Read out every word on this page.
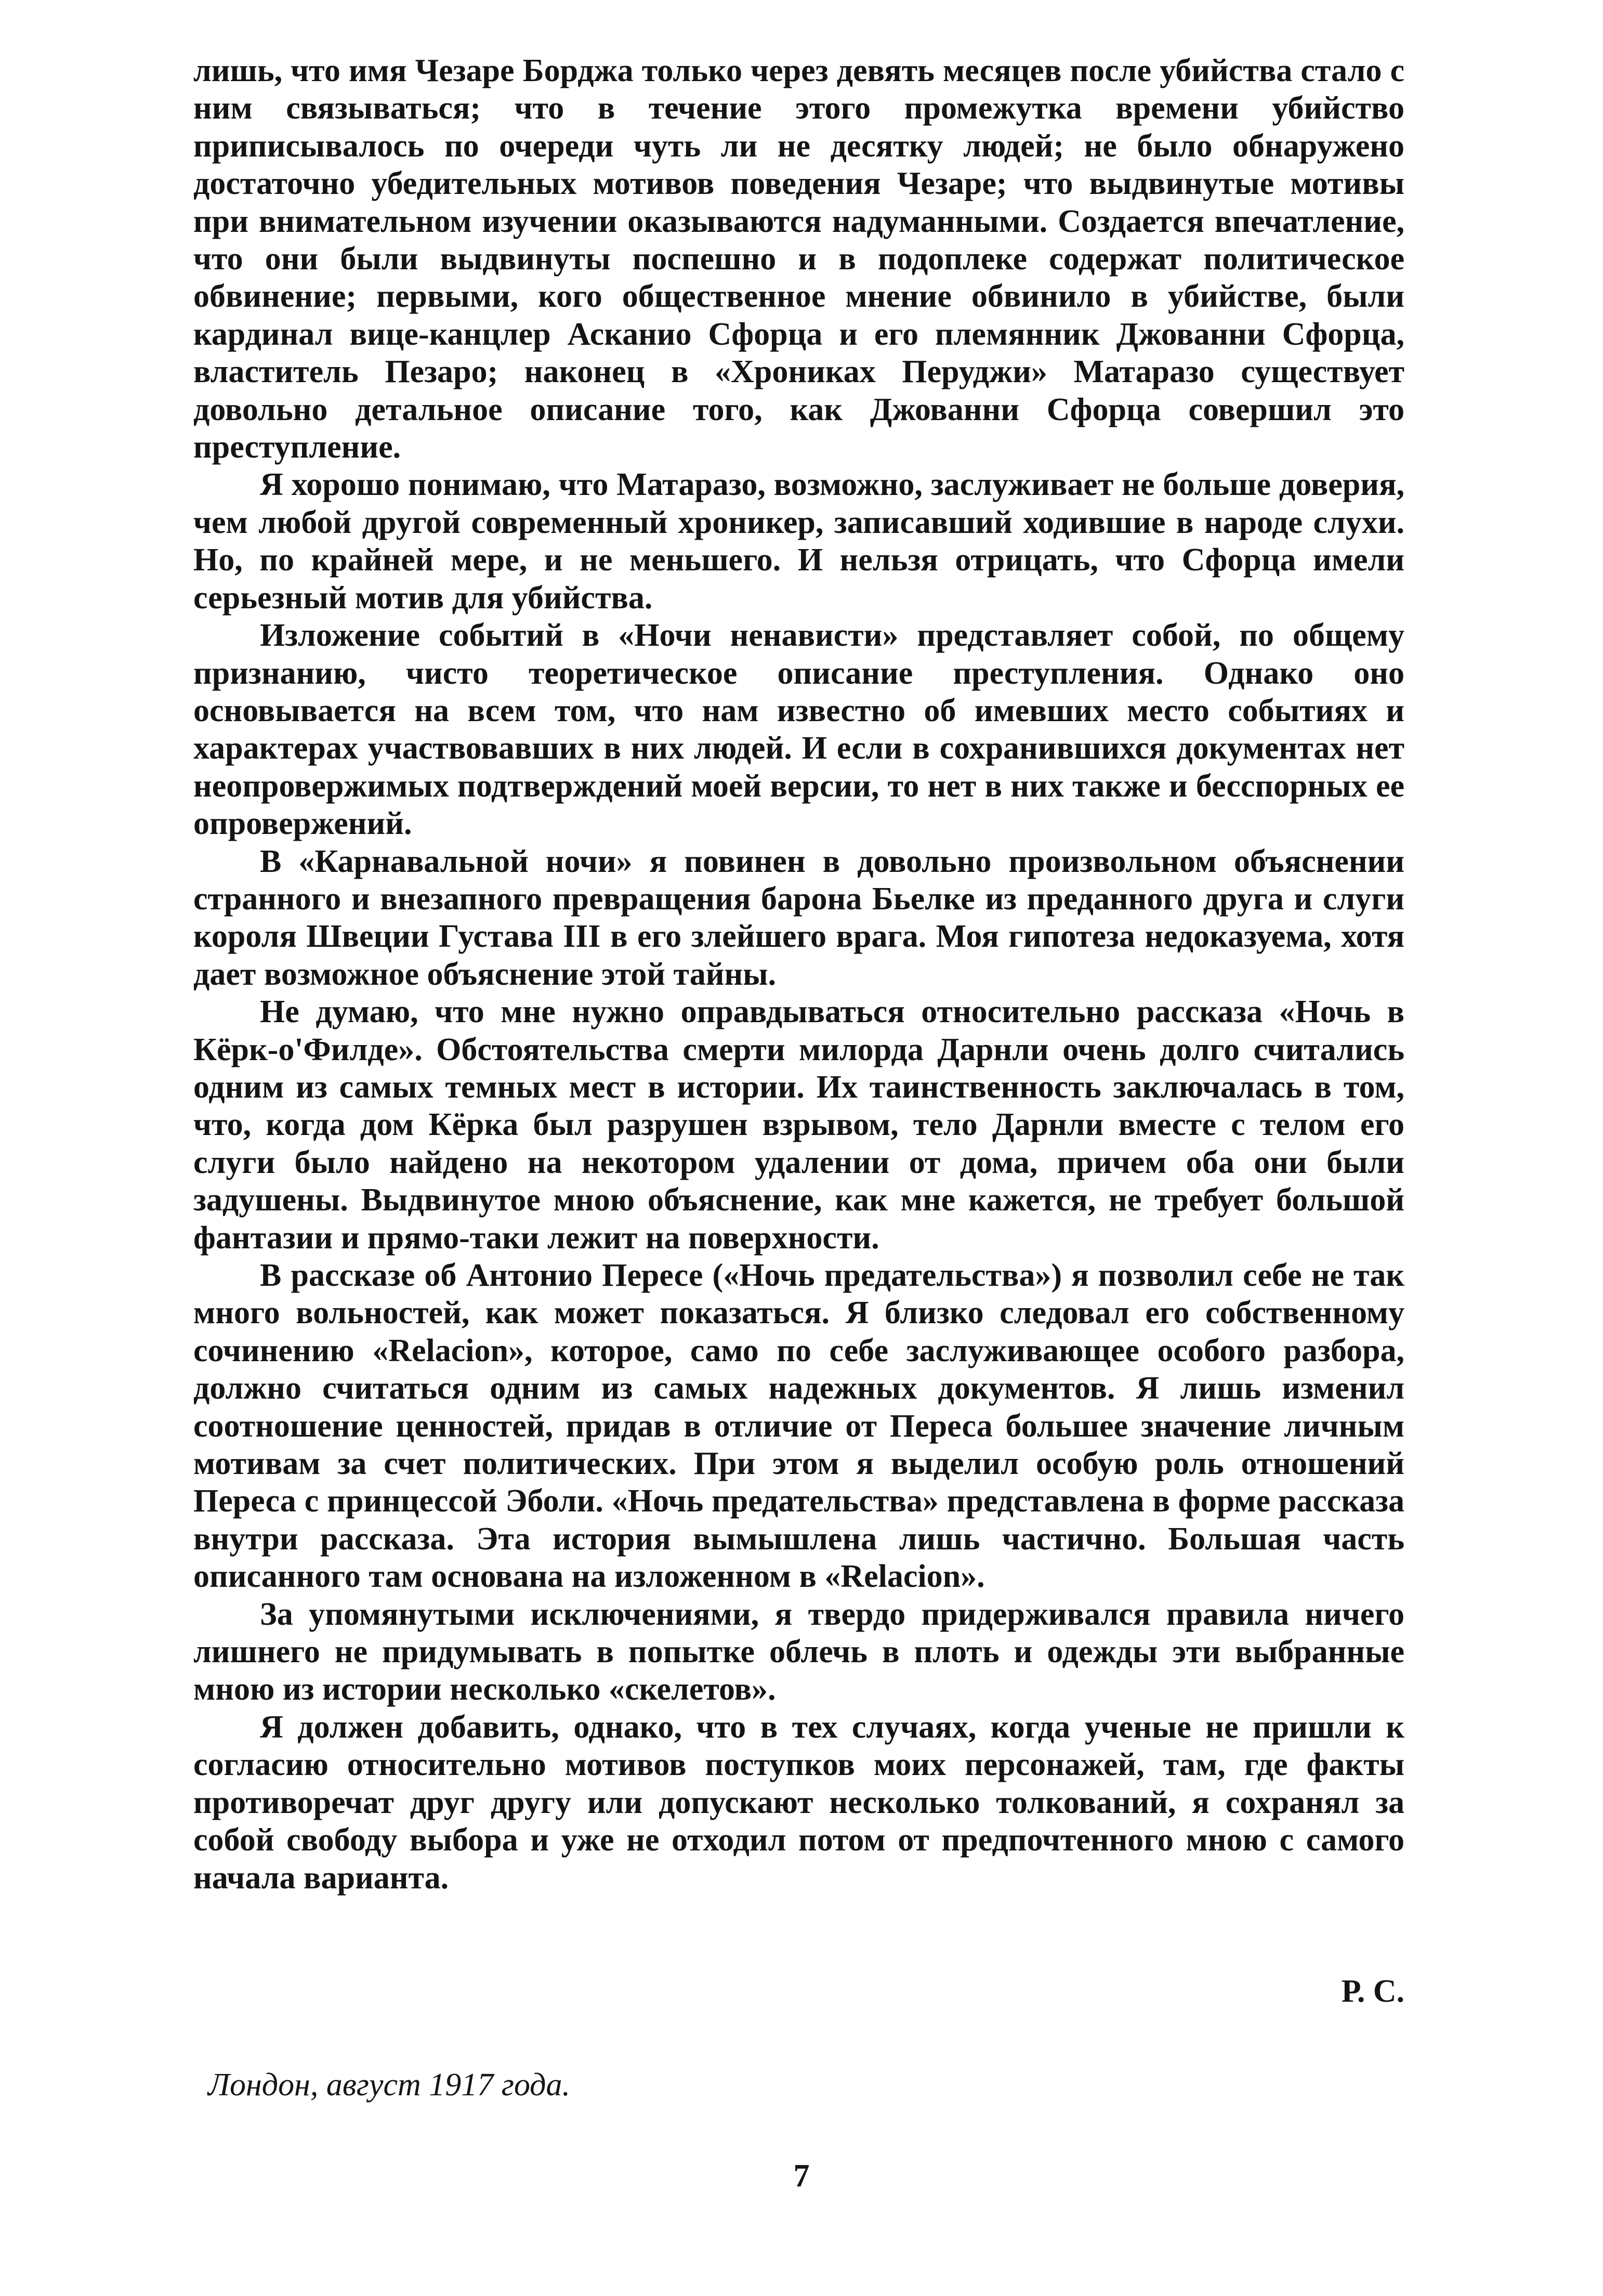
лишь, что имя Чезаре Борджа только через девять месяцев после убийства стало с ним связываться; что в течение этого промежутка времени убийство приписывалось по очереди чуть ли не десятку людей; не было обнаружено достаточно убедительных мотивов поведения Чезаре; что выдвинутые мотивы при внимательном изучении оказываются надуманными. Создается впечатление, что они были выдвинуты поспешно и в подоплеке содержат политическое обвинение; первыми, кого общественное мнение обвинило в убийстве, были кардинал вице-канцлер Асканио Сфорца и его племянник Джованни Сфорца, властитель Пезаро; наконец в «Хрониках Перуджи» Матаразо существует довольно детальное описание того, как Джованни Сфорца совершил это преступление.

Я хорошо понимаю, что Матаразо, возможно, заслуживает не больше доверия, чем любой другой современный хроникер, записавший ходившие в народе слухи. Но, по крайней мере, и не меньшего. И нельзя отрицать, что Сфорца имели серьезный мотив для убийства.

Изложение событий в «Ночи ненависти» представляет собой, по общему признанию, чисто теоретическое описание преступления. Однако оно основывается на всем том, что нам известно об имевших место событиях и характерах участвовавших в них людей. И если в сохранившихся документах нет неопровержимых подтверждений моей версии, то нет в них также и бесспорных ее опровержений.

В «Карнавальной ночи» я повинен в довольно произвольном объяснении странного и внезапного превращения барона Бьелке из преданного друга и слуги короля Швеции Густава III в его злейшего врага. Моя гипотеза недоказуема, хотя дает возможное объяснение этой тайны.

Не думаю, что мне нужно оправдываться относительно рассказа «Ночь в Кёрк-о'Филде». Обстоятельства смерти милорда Дарнли очень долго считались одним из самых темных мест в истории. Их таинственность заключалась в том, что, когда дом Кёрка был разрушен взрывом, тело Дарнли вместе с телом его слуги было найдено на некотором удалении от дома, причем оба они были задушены. Выдвинутое мною объяснение, как мне кажется, не требует большой фантазии и прямо-таки лежит на поверхности.

В рассказе об Антонио Пересе («Ночь предательства») я позволил себе не так много вольностей, как может показаться. Я близко следовал его собственному сочинению «Relacion», которое, само по себе заслуживающее особого разбора, должно считаться одним из самых надежных документов. Я лишь изменил соотношение ценностей, придав в отличие от Переса большее значение личным мотивам за счет политических. При этом я выделил особую роль отношений Переса с принцессой Эболи. «Ночь предательства» представлена в форме рассказа внутри рассказа. Эта история вымышлена лишь частично. Большая часть описанного там основана на изложенном в «Relacion».

За упомянутыми исключениями, я твердо придерживался правила ничего лишнего не придумывать в попытке облечь в плоть и одежды эти выбранные мною из истории несколько «скелетов».

Я должен добавить, однако, что в тех случаях, когда ученые не пришли к согласию относительно мотивов поступков моих персонажей, там, где факты противоречат друг другу или допускают несколько толкований, я сохранял за собой свободу выбора и уже не отходил потом от предпочтенного мною с самого начала варианта.

Р. С.

Лондон, август 1917 года.

7
